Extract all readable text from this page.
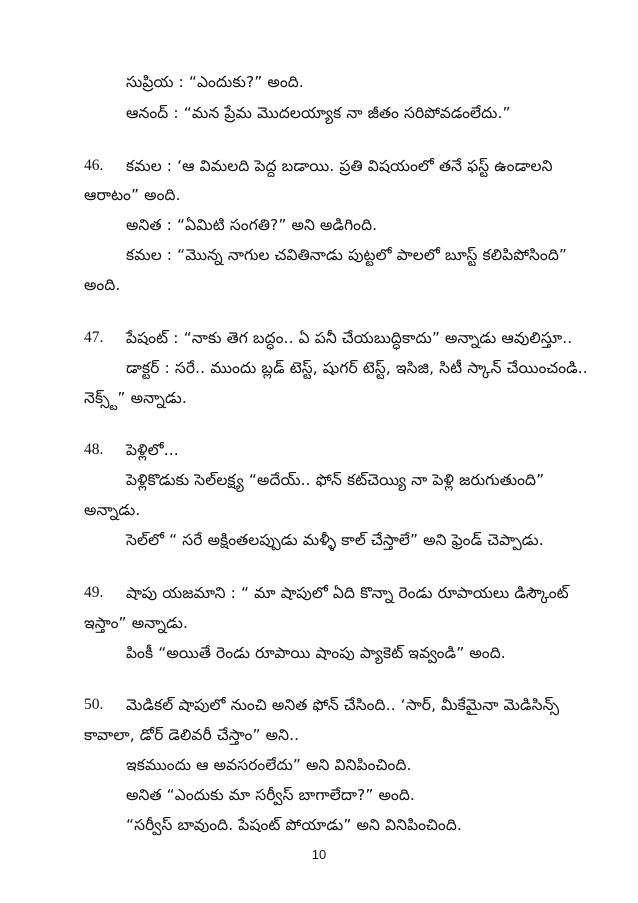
సుప్రియ : “ఎందుకు?” అంది.
ఆనంద్ : “మన ప్రేమ మొదలయ్యాక నా జీతం సరిపోవడంలేదు.”
46. కమల : ‘ఆ విమలది పెద్ద బడాయి. ప్రతి విషయంలో తనే ఫస్ట్ ఉండాలని
ఆరాటం” అంది.
అనిత : “ఏమిటి సంగతి?” అని అడిగింది.
కమల : “మొన్న నాగుల చవితినాడు పుట్టలో పాలలో బూస్ట్ కలిపిపోసింది”
అంది.
47. పేషంట్ : “నాకు తెగ బద్ధం.. ఏ పనీ చేయబుద్ధికాదు” అన్నాడు ఆవులిస్తూ..
డాక్టర్ : సరే.. ముందు బ్లడ్ టెస్ట్, షుగర్ టెస్ట్, ఇసిజి, సిటీ స్కాన్ చేయించండి..
నెక్స్ట్” అన్నాడు.
48. పెళ్లిలో...
పెళ్లికొడుకు సెల్‌లక్ష్య “అదేయ్.. ఫోన్ కట్‌చెయ్యి నా పెళ్లి జరుగుతుంది”
అన్నాడు.
సెల్‌లో “ సరే అక్షింతలప్పుడు మళ్ళీ కాల్ చేస్తాలే” అని ఫ్రెండ్ చెప్పాడు.
49. షాపు యజమాని : “ మా షాపులో ఏది కొన్నా రెండు రూపాయలు డిస్కౌంట్
ఇస్తాం” అన్నాడు.
పింకీ “అయితే రెండు రూపాయి షాంపు ప్యాకెట్ ఇవ్వండి” అంది.
50. మెడికల్ షాపులో నుంచి అనిత ఫోన్ చేసింది.. ‘సార్, మీకేమైనా మెడిసిన్స్
కావాలా, డోర్ డెలివరీ చేస్తాం” అని..
ఇకముందు ఆ అవసరంలేదు” అని వినిపించింది.
అనిత “ఎందుకు మా సర్వీస్ బాగాలేదా?” అంది.
“సర్వీస్ బావుంది. పేషంట్ పోయాడు” అని వినిపించింది.
10
